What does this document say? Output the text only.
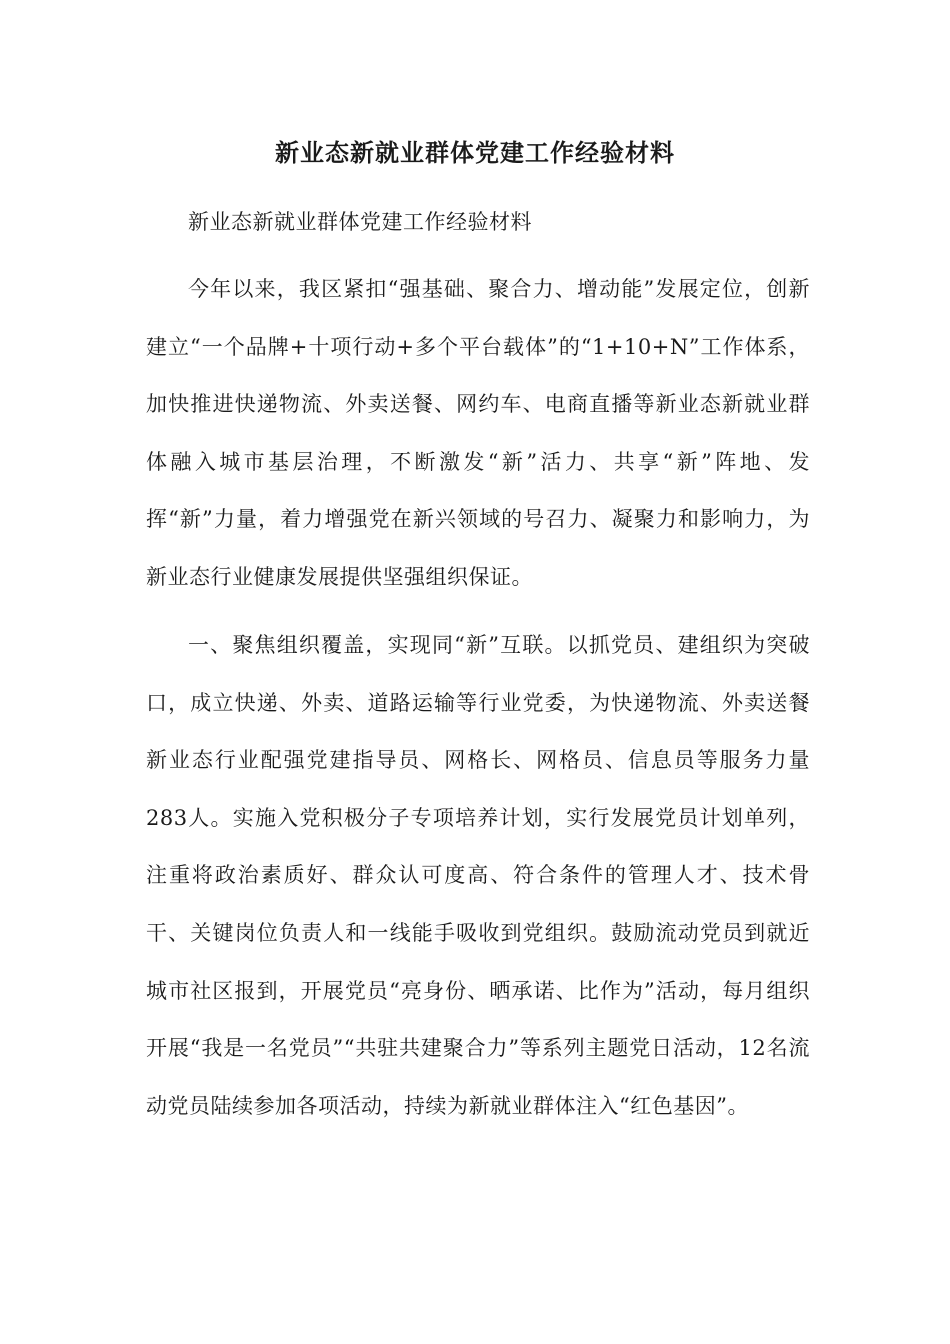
新业态新就业群体党建工作经验材料

新业态新就业群体党建工作经验材料

今年以来，我区紧扣“强基础、聚合力、增动能”发展定位，创新建立“一个品牌+十项行动+多个平台载体”的“1+10+N”工作体系，加快推进快递物流、外卖送餐、网约车、电商直播等新业态新就业群体融入城市基层治理，不断激发“新”活力、共享“新”阵地、发挥“新”力量，着力增强党在新兴领域的号召力、凝聚力和影响力，为新业态行业健康发展提供坚强组织保证。

一、聚焦组织覆盖，实现同“新”互联。以抓党员、建组织为突破口，成立快递、外卖、道路运输等行业党委，为快递物流、外卖送餐新业态行业配强党建指导员、网格长、网格员、信息员等服务力量283人。实施入党积极分子专项培养计划，实行发展党员计划单列，注重将政治素质好、群众认可度高、符合条件的管理人才、技术骨干、关键岗位负责人和一线能手吸收到党组织。鼓励流动党员到就近城市社区报到，开展党员“亮身份、晒承诺、比作为”活动，每月组织开展“我是一名党员”“共驻共建聚合力”等系列主题党日活动，12名流动党员陆续参加各项活动，持续为新就业群体注入“红色基因”。
